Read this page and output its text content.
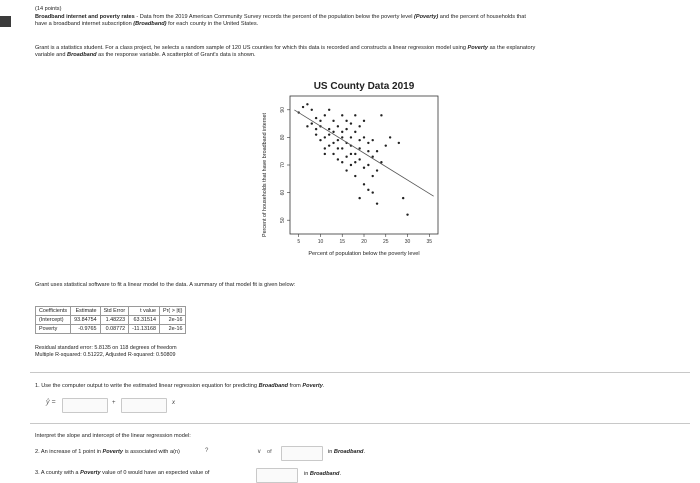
(14 points)
Broadband internet and poverty rates - Data from the 2019 American Community Survey records the percent of the population below the poverty level (Poverty) and the percent of households that
have a broadband internet subscription (Broadband) for each county in the United States.
Grant is a statistics student. For a class project, he selects a random sample of 120 US counties for which this data is recorded and constructs a linear regression model using Poverty as the explanatory
variable and Broadband as the response variable. A scatterplot of Grant's data is shown.
US County Data 2019
5	10	15	20	25	30	35
50
60
70
80
90
Percent of population below the poverty level
Percent of households that have broadband internet
Grant uses statistical software to fit a linear model to the data. A summary of that model fit is given below:
Coefficients	Estimate	Std Error	t value	Pr( > |t|)
(Intercept)	93.84754	1.48223	63.31514	2e-16
Poverty	-0.9765	0.08772	-11.13168	2e-16
Residual standard error: 5.8135 on 118 degrees of freedom
Multiple R-squared: 0.51222, Adjusted R-squared: 0.50809
1. Use the computer output to write the estimated linear regression equation for predicting Broadband from Poverty.
ŷ =	+	x
Interpret the slope and intercept of the linear regression model:
2. An increase of 1 point in Poverty is associated with a(n)	?	∨ of	in Broadband.
3. A county with a Poverty value of 0 would have an expected value of	in Broadband.
